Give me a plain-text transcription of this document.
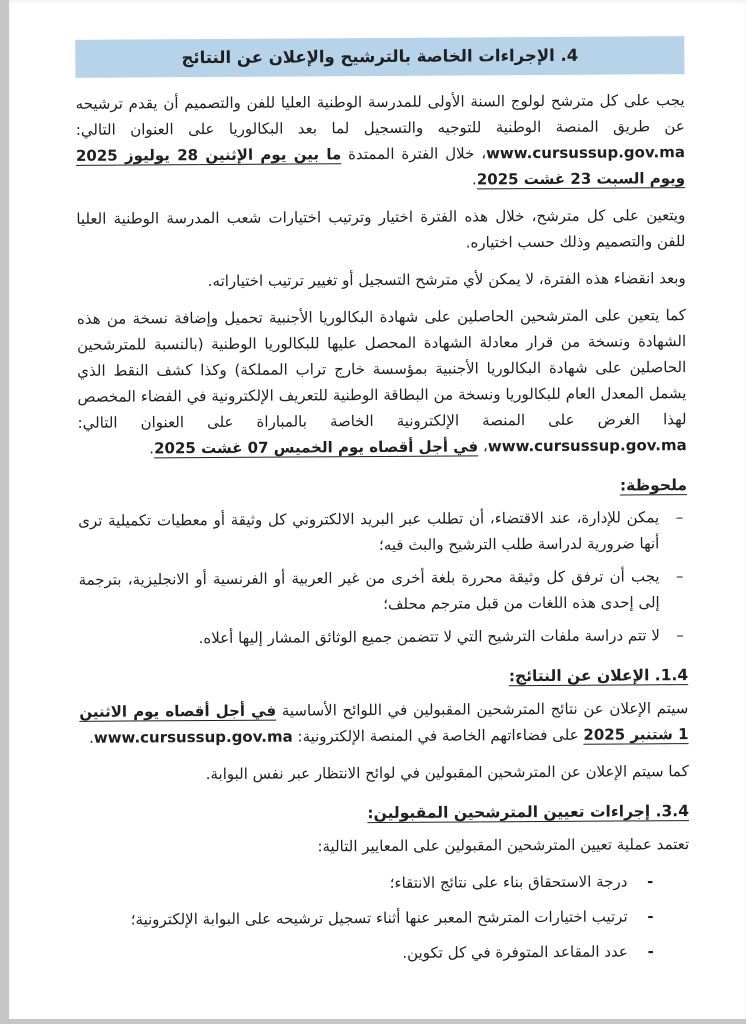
4. الإجراءات الخاصة بالترشيح والإعلان عن النتائج

يجب على كل مترشح لولوج السنة الأولى للمدرسة الوطنية العليا للفن والتصميم أن يقدم ترشيحه عن طريق المنصة الوطنية للتوجيه والتسجيل لما بعد البكالوريا على العنوان التالي: www.cursussup.gov.ma، خلال الفترة الممتدة ما بين يوم الإثنين 28 يوليوز 2025 ويوم السبت 23 غشت 2025.

ويتعين على كل مترشح، خلال هذه الفترة اختيار وترتيب اختيارات شعب المدرسة الوطنية العليا للفن والتصميم وذلك حسب اختياره.

وبعد انقضاء هذه الفترة، لا يمكن لأي مترشح التسجيل أو تغيير ترتيب اختياراته.

كما يتعين على المترشحين الحاصلين على شهادة البكالوريا الأجنبية تحميل وإضافة نسخة من هذه الشهادة ونسخة من قرار معادلة الشهادة المحصل عليها للبكالوريا الوطنية (بالنسبة للمترشحين الحاصلين على شهادة البكالوريا الأجنبية بمؤسسة خارج تراب المملكة) وكذا كشف النقط الذي يشمل المعدل العام للبكالوريا ونسخة من البطاقة الوطنية للتعريف الإلكترونية في الفضاء المخصص لهذا الغرض على المنصة الإلكترونية الخاصة بالمباراة على العنوان التالي: www.cursussup.gov.ma، في أجل أقصاه يوم الخميس 07 غشت 2025.

ملحوظة:
–
يمكن للإدارة، عند الاقتضاء، أن تطلب عبر البريد الالكتروني كل وثيقة أو معطيات تكميلية ترى أنها ضرورية لدراسة طلب الترشيح والبث فيه؛
–
يجب أن ترفق كل وثيقة محررة بلغة أخرى من غير العربية أو الفرنسية أو الانجليزية، بترجمة إلى إحدى هذه اللغات من قبل مترجم محلف؛
–
لا تتم دراسة ملفات الترشيح التي لا تتضمن جميع الوثائق المشار إليها أعلاه.
1.4. الإعلان عن النتائج:

سيتم الإعلان عن نتائج المترشحين المقبولين في اللوائح الأساسية في أجل أقصاه يوم الاثنين 1 شتنبر 2025 على فضاءاتهم الخاصة في المنصة الإلكترونية: www.cursussup.gov.ma.

كما سيتم الإعلان عن المترشحين المقبولين في لوائح الانتظار عبر نفس البوابة.

3.4. إجراءات تعيين المترشحين المقبولين:

تعتمد عملية تعيين المترشحين المقبولين على المعايير التالية:

-
درجة الاستحقاق بناء على نتائج الانتقاء؛
-
ترتيب اختيارات المترشح المعبر عنها أثناء تسجيل ترشيحه على البوابة الإلكترونية؛
-
عدد المقاعد المتوفرة في كل تكوين.
